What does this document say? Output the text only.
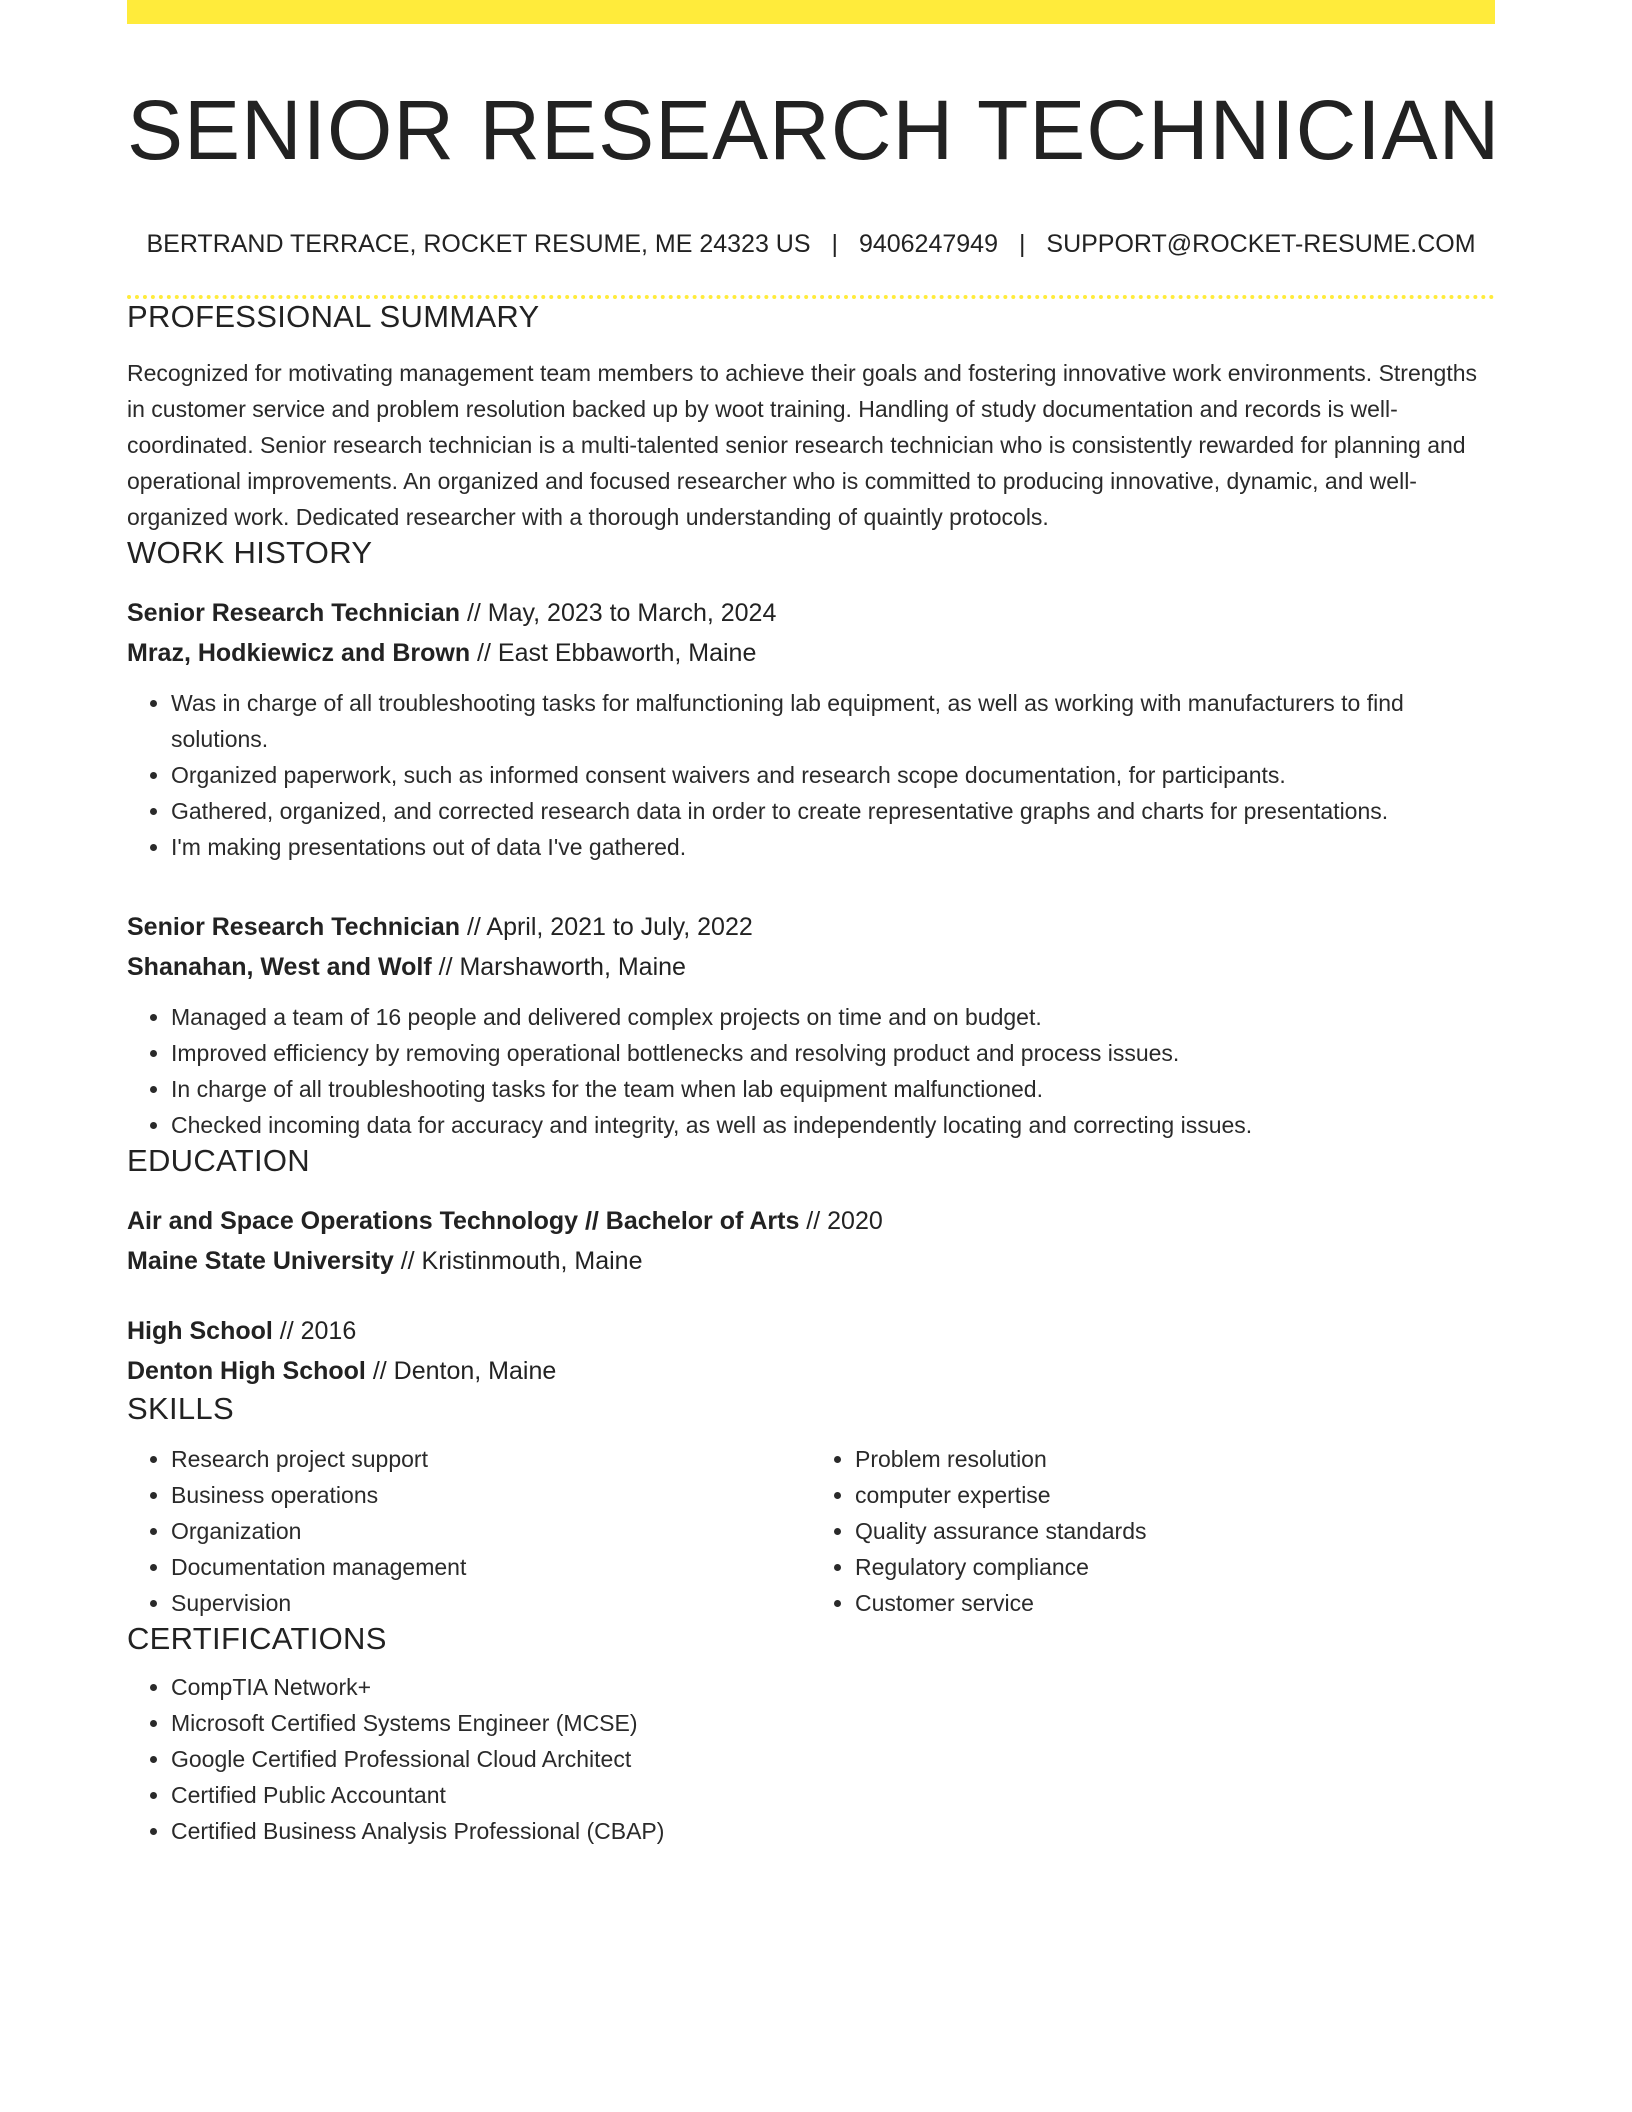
SENIOR RESEARCH TECHNICIAN
BERTRAND TERRACE, ROCKET RESUME, ME 24323 US | 9406247949 | SUPPORT@ROCKET-RESUME.COM
PROFESSIONAL SUMMARY
Recognized for motivating management team members to achieve their goals and fostering innovative work environments. Strengths in customer service and problem resolution backed up by woot training. Handling of study documentation and records is well-coordinated. Senior research technician is a multi-talented senior research technician who is consistently rewarded for planning and operational improvements. An organized and focused researcher who is committed to producing innovative, dynamic, and well-organized work. Dedicated researcher with a thorough understanding of quaintly protocols.
WORK HISTORY
Senior Research Technician // May, 2023 to March, 2024
Mraz, Hodkiewicz and Brown // East Ebbaworth, Maine
• Was in charge of all troubleshooting tasks for malfunctioning lab equipment, as well as working with manufacturers to find solutions.
• Organized paperwork, such as informed consent waivers and research scope documentation, for participants.
• Gathered, organized, and corrected research data in order to create representative graphs and charts for presentations.
• I'm making presentations out of data I've gathered.
Senior Research Technician // April, 2021 to July, 2022
Shanahan, West and Wolf // Marshaworth, Maine
• Managed a team of 16 people and delivered complex projects on time and on budget.
• Improved efficiency by removing operational bottlenecks and resolving product and process issues.
• In charge of all troubleshooting tasks for the team when lab equipment malfunctioned.
• Checked incoming data for accuracy and integrity, as well as independently locating and correcting issues.
EDUCATION
Air and Space Operations Technology // Bachelor of Arts // 2020
Maine State University // Kristinmouth, Maine
High School // 2016
Denton High School // Denton, Maine
SKILLS
• Research project support
• Business operations
• Organization
• Documentation management
• Supervision
• Problem resolution
• computer expertise
• Quality assurance standards
• Regulatory compliance
• Customer service
CERTIFICATIONS
• CompTIA Network+
• Microsoft Certified Systems Engineer (MCSE)
• Google Certified Professional Cloud Architect
• Certified Public Accountant
• Certified Business Analysis Professional (CBAP)
